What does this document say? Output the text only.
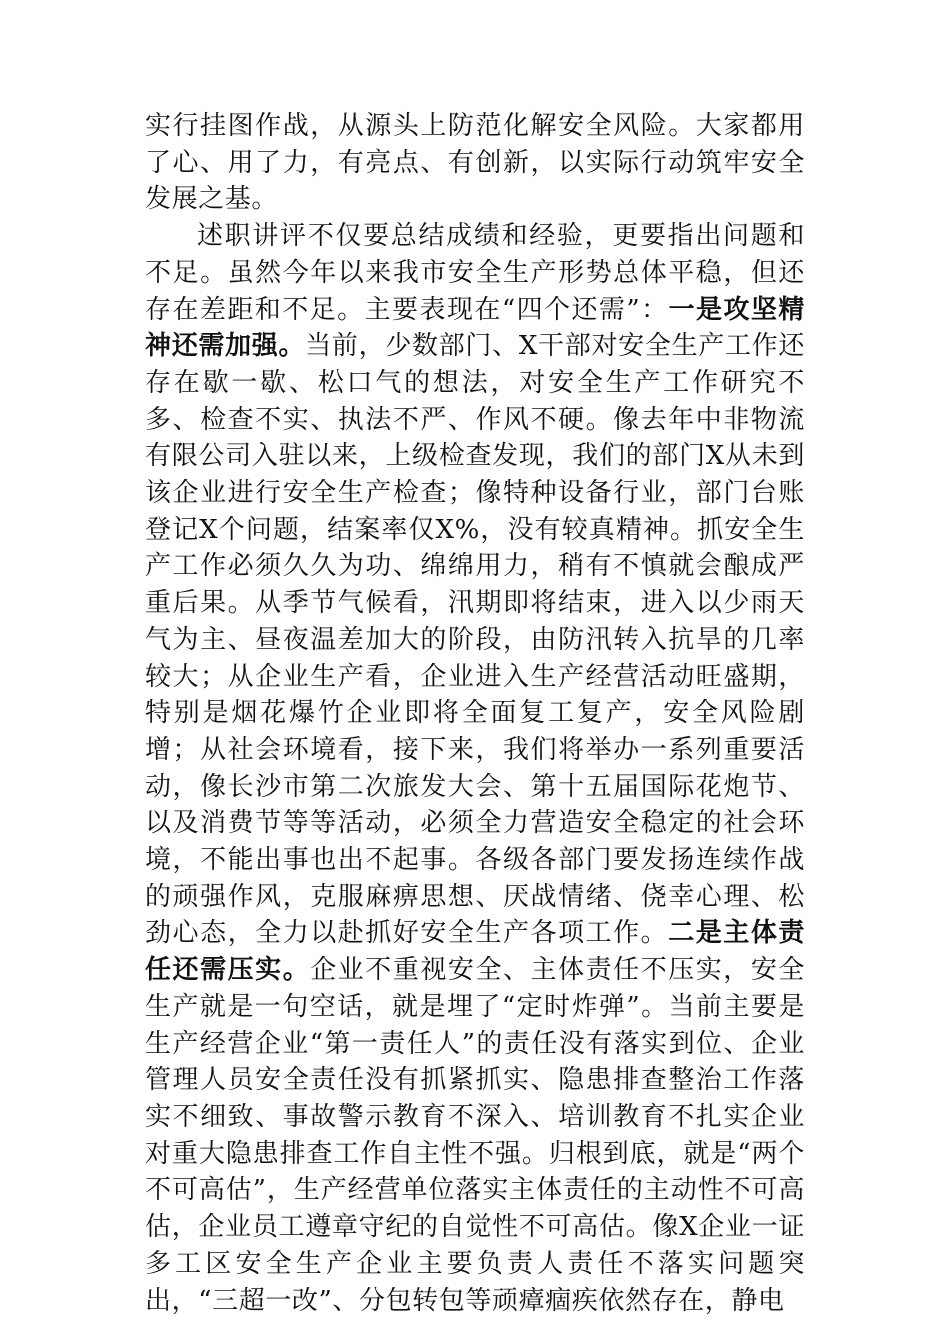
实行挂图作战，从源头上防范化解安全风险。大家都用了心、用了力，有亮点、有创新，以实际行动筑牢安全发展之基。

述职讲评不仅要总结成绩和经验，更要指出问题和不足。虽然今年以来我市安全生产形势总体平稳，但还存在差距和不足。主要表现在“四个还需”：一是攻坚精神还需加强。当前，少数部门、X干部对安全生产工作还存在歇一歇、松口气的想法，对安全生产工作研究不多、检查不实、执法不严、作风不硬。像去年中非物流有限公司入驻以来，上级检查发现，我们的部门X从未到该企业进行安全生产检查；像特种设备行业，部门台账登记X个问题，结案率仅X%，没有较真精神。抓安全生产工作必须久久为功、绵绵用力，稍有不慎就会酿成严重后果。从季节气候看，汛期即将结束，进入以少雨天气为主、昼夜温差加大的阶段，由防汛转入抗旱的几率较大；从企业生产看，企业进入生产经营活动旺盛期，特别是烟花爆竹企业即将全面复工复产，安全风险剧增；从社会环境看，接下来，我们将举办一系列重要活动，像长沙市第二次旅发大会、第十五届国际花炮节、以及消费节等等活动，必须全力营造安全稳定的社会环境，不能出事也出不起事。各级各部门要发扬连续作战的顽强作风，克服麻痹思想、厌战情绪、侥幸心理、松劲心态，全力以赴抓好安全生产各项工作。二是主体责任还需压实。企业不重视安全、主体责任不压实，安全生产就是一句空话，就是埋了“定时炸弹”。当前主要是生产经营企业“第一责任人”的责任没有落实到位、企业管理人员安全责任没有抓紧抓实、隐患排查整治工作落实不细致、事故警示教育不深入、培训教育不扎实企业对重大隐患排查工作自主性不强。归根到底，就是“两个不可高估”，生产经营单位落实主体责任的主动性不可高估，企业员工遵章守纪的自觉性不可高估。像X企业一证多工区安全生产企业主要负责人责任不落实问题突出，“三超一改”、分包转包等顽瘴痼疾依然存在，静电
